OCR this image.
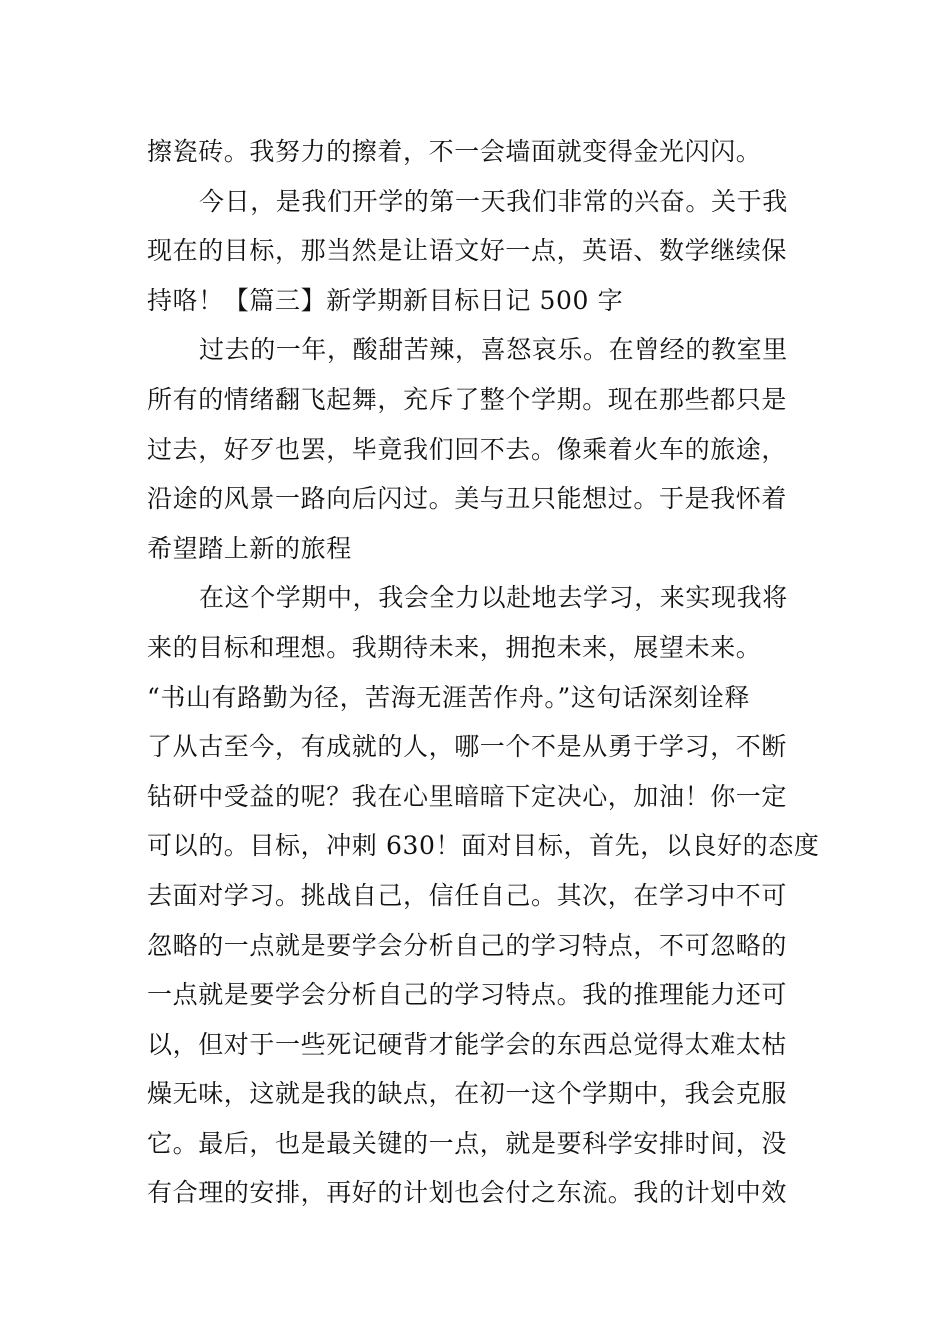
擦瓷砖。我努力的擦着，不一会墙面就变得金光闪闪。

今日，是我们开学的第一天我们非常的兴奋。关于我
现在的目标，那当然是让语文好一点，英语、数学继续保
持咯！【篇三】新学期新目标日记 500 字

过去的一年，酸甜苦辣，喜怒哀乐。在曾经的教室里
所有的情绪翻飞起舞，充斥了整个学期。现在那些都只是
过去，好歹也罢，毕竟我们回不去。像乘着火车的旅途，
沿途的风景一路向后闪过。美与丑只能想过。于是我怀着
希望踏上新的旅程

在这个学期中，我会全力以赴地去学习，来实现我将
来的目标和理想。我期待未来，拥抱未来，展望未来。
“书山有路勤为径，苦海无涯苦作舟。”这句话深刻诠释
了从古至今，有成就的人，哪一个不是从勇于学习，不断
钻研中受益的呢？我在心里暗暗下定决心，加油！你一定
可以的。目标，冲刺 630！面对目标，首先，以良好的态度
去面对学习。挑战自己，信任自己。其次，在学习中不可
忽略的一点就是要学会分析自己的学习特点，不可忽略的
一点就是要学会分析自己的学习特点。我的推理能力还可
以，但对于一些死记硬背才能学会的东西总觉得太难太枯
燥无味，这就是我的缺点，在初一这个学期中，我会克服
它。最后，也是最关键的一点，就是要科学安排时间，没
有合理的安排，再好的计划也会付之东流。我的计划中效
